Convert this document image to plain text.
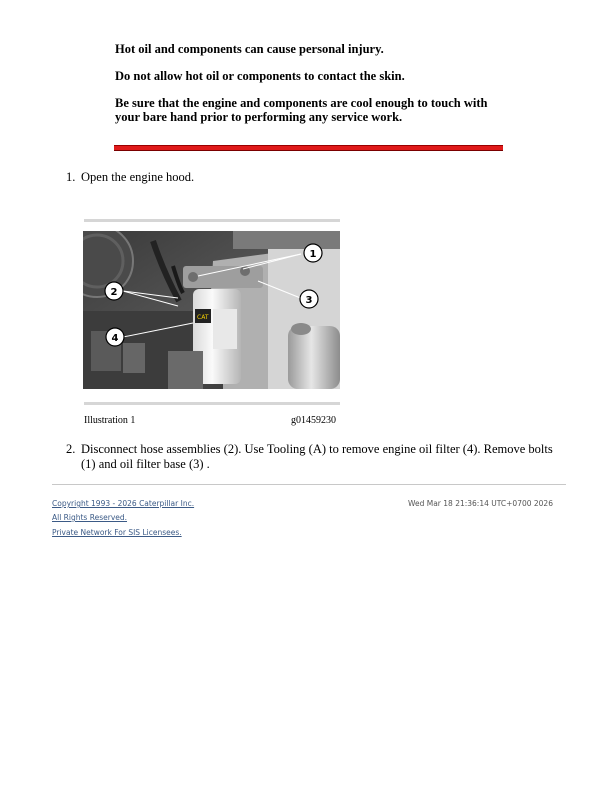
Hot oil and components can cause personal injury.

Do not allow hot oil or components to contact the skin.

Be sure that the engine and components are cool enough to touch with your bare hand prior to performing any service work.

1. Open the engine hood.
CAT
1
2
3
4
Illustration 1	g01459230
2. Disconnect hose assemblies (2). Use Tooling (A) to remove engine oil filter (4). Remove bolts (1) and oil filter base (3) .
Copyright 1993 - 2026 Caterpillar Inc.
All Rights Reserved.
Private Network For SIS Licensees.
Wed Mar 18 21:36:14 UTC+0700 2026
